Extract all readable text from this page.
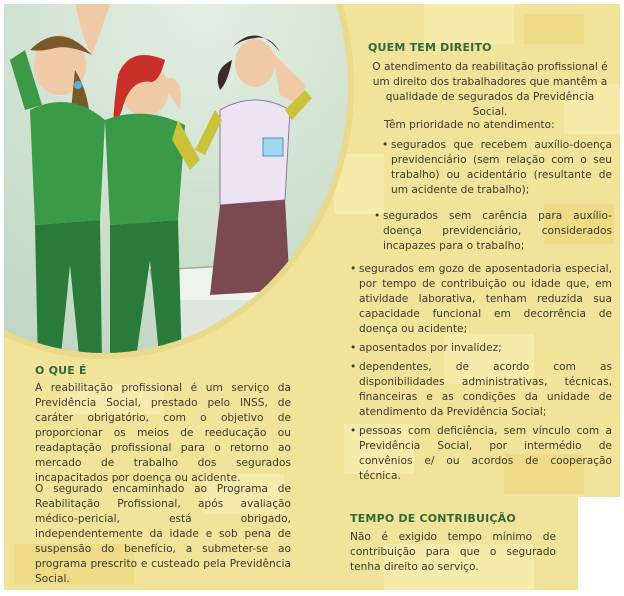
QUEM TEM DIREITO

O atendimento da reabilitação profissional é um direito dos trabalhadores que mantêm a qualidade de segurados da Previdência Social.

Têm prioridade no atendimento:

• segurados que recebem auxílio-doença previdenciário (sem relação com o seu trabalho) ou acidentário (resultante de um acidente de trabalho);
• segurados sem carência para auxílio-doença previdenciário, considerados incapazes para o trabalho;
• segurados em gozo de aposentadoria especial, por tempo de contribuição ou idade que, em atividade laborativa, tenham reduzida sua capacidade funcional em decorrência de doença ou acidente;
• aposentados por invalidez;
• dependentes, de acordo com as disponibilidades administrativas, técnicas, financeiras e as condições da unidade de atendimento da Previdência Social;
• pessoas com deficiência, sem vínculo com a Previdência Social, por intermédio de convênios e/ ou acordos de cooperação técnica.
O QUE É

A reabilitação profissional é um serviço da Previdência Social, prestado pelo INSS, de caráter obrigatório, com o objetivo de proporcionar os meios de reeducação ou readaptação profissional para o retorno ao mercado de trabalho dos segurados incapacitados por doença ou acidente.

O segurado encaminhado ao Programa de Reabilitação Profissional, após avaliação médico-pericial, está obrigado, independentemente da idade e sob pena de suspensão do benefício, a submeter-se ao programa prescrito e custeado pela Previdência Social.

TEMPO DE CONTRIBUIÇÃO

Não é exigido tempo mínimo de contribuição para que o segurado tenha direito ao serviço.
